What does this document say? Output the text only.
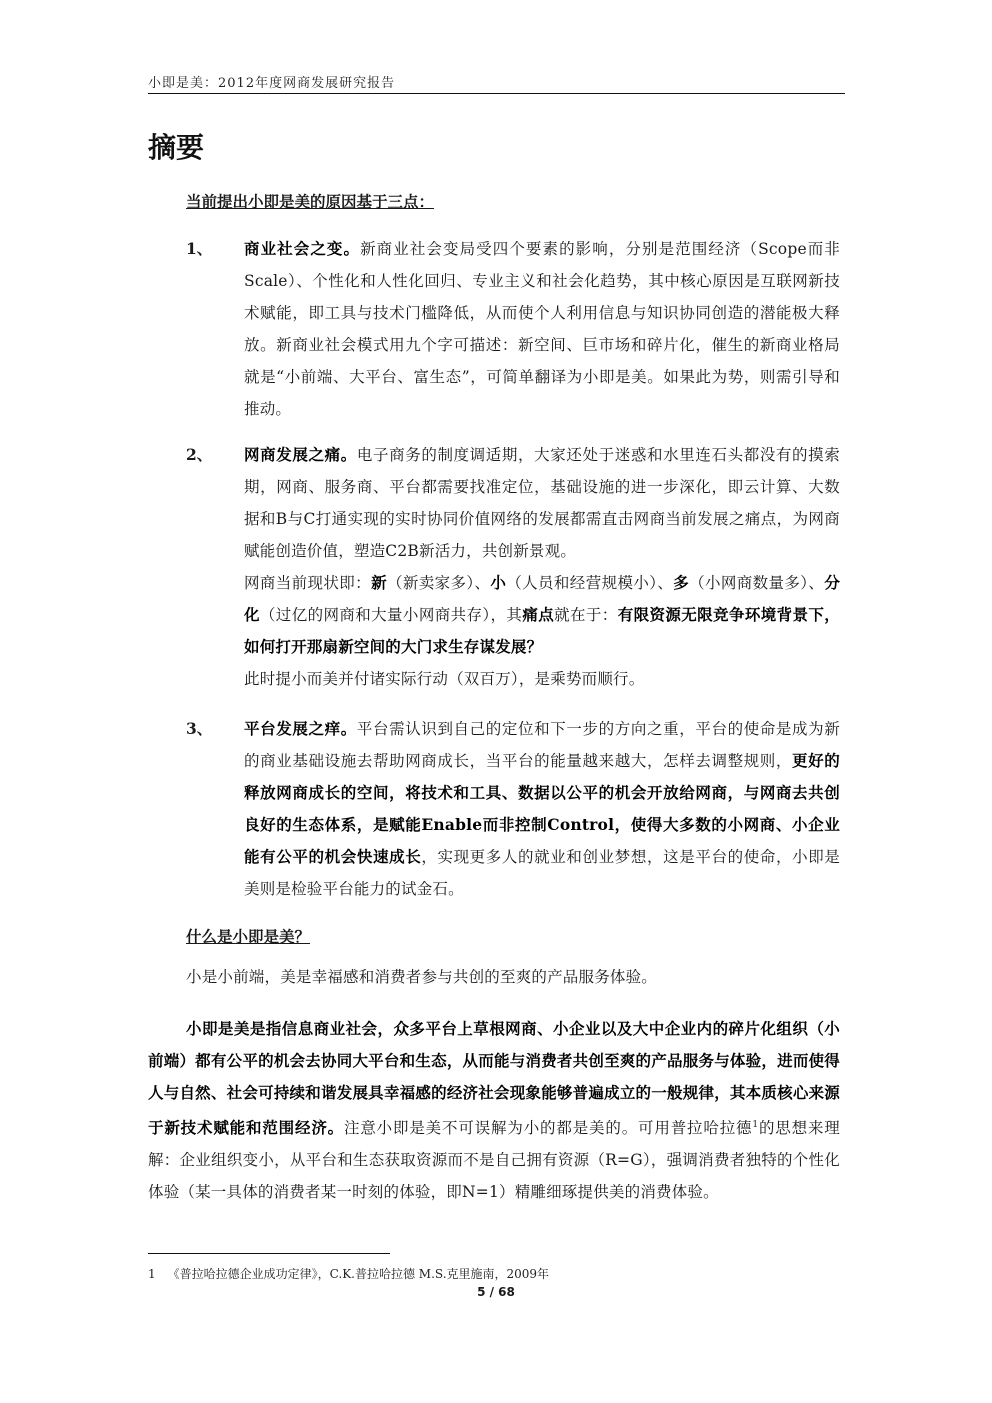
小即是美：2012年度网商发展研究报告
摘要

当前提出小即是美的原因基于三点：

1、 商业社会之变。新商业社会变局受四个要素的影响，分别是范围经济（Scope而非Scale）、个性化和人性化回归、专业主义和社会化趋势，其中核心原因是互联网新技术赋能，即工具与技术门槛降低，从而使个人利用信息与知识协同创造的潜能极大释放。新商业社会模式用九个字可描述：新空间、巨市场和碎片化，催生的新商业格局就是“小前端、大平台、富生态”，可简单翻译为小即是美。如果此为势，则需引导和推动。

2、 网商发展之痛。电子商务的制度调适期，大家还处于迷惑和水里连石头都没有的摸索期，网商、服务商、平台都需要找准定位，基础设施的进一步深化，即云计算、大数据和B与C打通实现的实时协同价值网络的发展都需直击网商当前发展之痛点，为网商赋能创造价值，塑造C2B新活力，共创新景观。

网商当前现状即：新（新卖家多）、小（人员和经营规模小）、多（小网商数量多）、分化（过亿的网商和大量小网商共存），其痛点就在于：有限资源无限竞争环境背景下，如何打开那扇新空间的大门求生存谋发展？

此时提小而美并付诸实际行动（双百万），是乘势而顺行。

3、 平台发展之痒。平台需认识到自己的定位和下一步的方向之重，平台的使命是成为新的商业基础设施去帮助网商成长，当平台的能量越来越大，怎样去调整规则，更好的释放网商成长的空间，将技术和工具、数据以公平的机会开放给网商，与网商去共创良好的生态体系，是赋能Enable而非控制Control，使得大多数的小网商、小企业能有公平的机会快速成长，实现更多人的就业和创业梦想，这是平台的使命，小即是美则是检验平台能力的试金石。

什么是小即是美？

小是小前端，美是幸福感和消费者参与共创的至爽的产品服务体验。

小即是美是指信息商业社会，众多平台上草根网商、小企业以及大中企业内的碎片化组织（小前端）都有公平的机会去协同大平台和生态，从而能与消费者共创至爽的产品服务与体验，进而使得人与自然、社会可持续和谐发展具幸福感的经济社会现象能够普遍成立的一般规律，其本质核心来源于新技术赋能和范围经济。注意小即是美不可误解为小的都是美的。可用普拉哈拉德$^1$的思想来理解：企业组织变小，从平台和生态获取资源而不是自己拥有资源（R=G），强调消费者独特的个性化体验（某一具体的消费者某一时刻的体验，即N=1）精雕细琢提供美的消费体验。

1 《普拉哈拉德企业成功定律》，C.K.普拉哈拉德 M.S.克里施南，2009年
5 / 68
